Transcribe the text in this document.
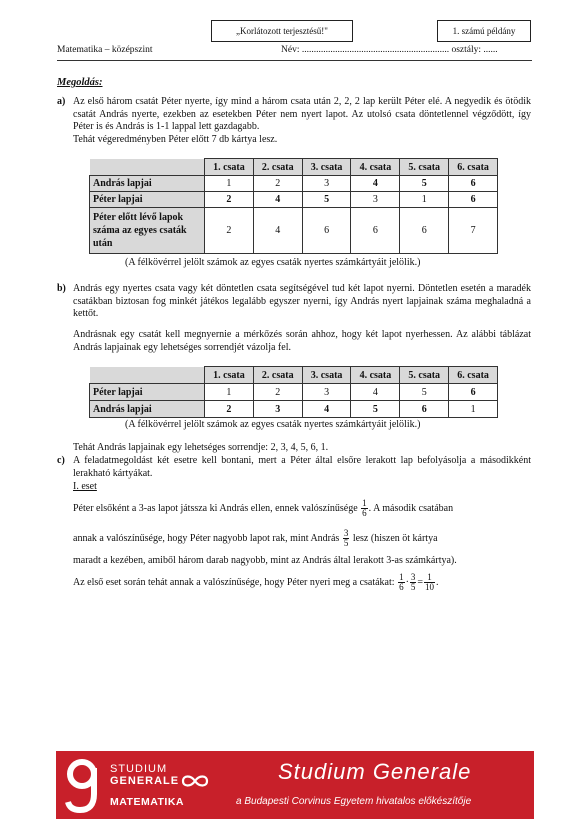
„Korlátozott terjesztésű!"	1. számú példány
Matematika – középszint	Név: .............................................................. osztály: ......
Megoldás:
a) Az első három csatát Péter nyerte, így mind a három csata után 2, 2, 2 lap került Péter elé. A negyedik és ötödik csatát András nyerte, ezekben az esetekben Péter nem nyert lapot. Az utolsó csata döntetlennel végződött, így Péter is és András is 1-1 lappal lett gazdagabb.
Tehát végeredményben Péter előtt 7 db kártya lesz.
	1. csata	2. csata	3. csata	4. csata	5. csata	6. csata
András lapjai	1	2	3	4	5	6
Péter lapjai	2	4	5	3	1	6
Péter előtt lévő lapok száma az egyes csaták után	2	4	6	6	6	7
(A félkövérrel jelölt számok az egyes csaták nyertes számkártyáit jelölik.)
b) András egy nyertes csata vagy két döntetlen csata segítségével tud két lapot nyerni. Döntetlen esetén a maradék csatákban biztosan fog minkét játékos legalább egyszer nyerni, így András nyert lapjainak száma meghaladná a kettőt.
Andrásnak egy csatát kell megnyernie a mérkőzés során ahhoz, hogy két lapot nyerhessen. Az alábbi táblázat András lapjainak egy lehetséges sorrendjét vázolja fel.
	1. csata	2. csata	3. csata	4. csata	5. csata	6. csata
Péter lapjai	1	2	3	4	5	6
András lapjai	2	3	4	5	6	1
(A félkövérrel jelölt számok az egyes csaták nyertes számkártyáit jelölik.)
Tehát András lapjainak egy lehetséges sorrendje: 2, 3, 4, 5, 6, 1.
c) A feladatmegoldást két esetre kell bontani, mert a Péter által elsőre lerakott lap befolyásolja a másodikként lerakható kártyákat.
I. eset
Péter elsőként a 3-as lapot játssza ki András ellen, ennek valószínűsége $\frac{1}{6}$ . A második csatában
annak a valószínűsége, hogy Péter nagyobb lapot rak, mint András $\frac{3}{5}$ lesz (hiszen öt kártya
maradt a kezében, amiből három darab nagyobb, mint az András által lerakott 3-as számkártya).
Az első eset során tehát annak a valószínűsége, hogy Péter nyeri meg a csatákat: $\frac{1}{6} \cdot \frac{3}{5} = \frac{1}{10}$ .
STUDIUM
GENERALE
MATEMATIKA
Studium Generale
a Budapesti Corvinus Egyetem hivatalos előkészítője
